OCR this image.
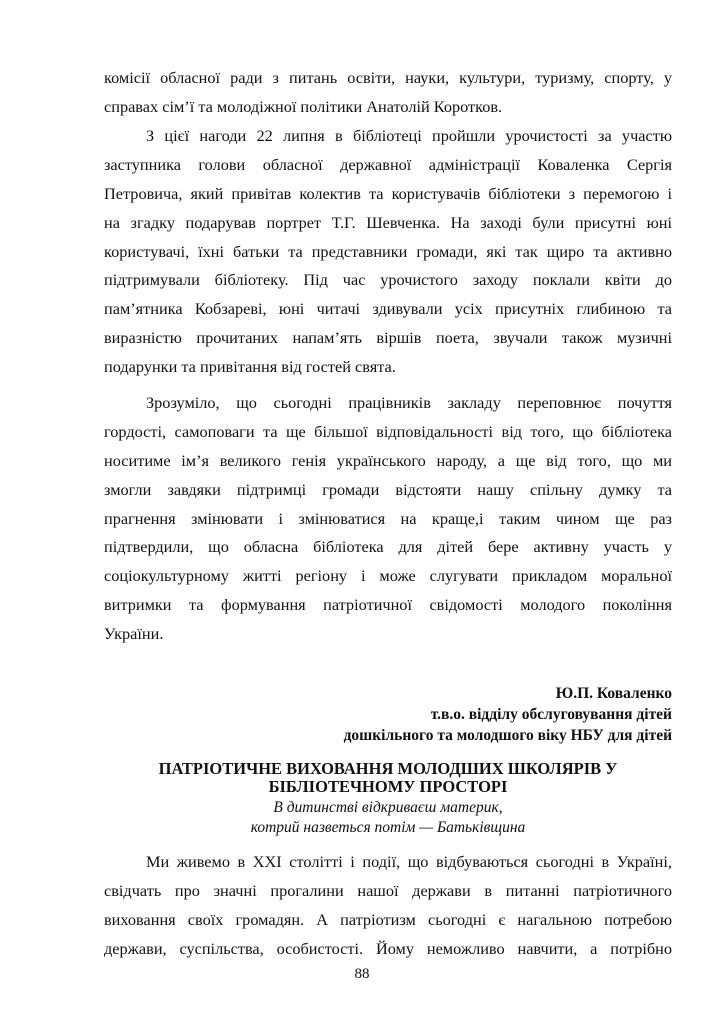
комісії обласної ради з питань освіти, науки, культури, туризму, спорту, у
справах сім’ї та молодіжної політики Анатолій Коротков.
З цієї нагоди 22 липня в бібліотеці пройшли урочистості за участю
заступника голови обласної державної адміністрації Коваленка Сергія
Петровича, який привітав колектив та користувачів бібліотеки з перемогою і
на згадку подарував портрет Т.Г. Шевченка. На заході були присутні юні
користувачі, їхні батьки та представники громади, які так щиро та активно
підтримували бібліотеку. Під час урочистого заходу поклали квіти до
пам’ятника Кобзареві, юні читачі здивували усіх присутніх глибиною та
виразністю прочитаних напам’ять віршів поета, звучали також музичні
подарунки та привітання від гостей свята.
Зрозуміло, що сьогодні працівників закладу переповнює почуття
гордості, самоповаги та ще більшої відповідальності від того, що бібліотека
носитиме ім’я великого генія українського народу, а ще від того, що ми
змогли завдяки підтримці громади відстояти нашу спільну думку та
прагнення змінювати і змінюватися на краще,і таким чином ще раз
підтвердили, що обласна бібліотека для дітей бере активну участь у
соціокультурному житті регіону і може слугувати прикладом моральної
витримки та формування патріотичної свідомості молодого покоління
України.
Ю.П. Коваленко
т.в.о. відділу обслуговування дітей
дошкільного та молодшого віку НБУ для дітей
ПАТРІОТИЧНЕ ВИХОВАННЯ МОЛОДШИХ ШКОЛЯРІВ У
БІБЛІОТЕЧНОМУ ПРОСТОРІ
В дитинстві відкриваєш материк,
котрий назветься потім — Батьківщина
Ми живемо в ХХІ столітті і події, що відбуваються сьогодні в Україні,
свідчать про значні прогалини нашої держави в питанні патріотичного
виховання своїх громадян. А патріотизм сьогодні є нагальною потребою
держави, суспільства, особистості. Йому неможливо навчити, а потрібно
88
